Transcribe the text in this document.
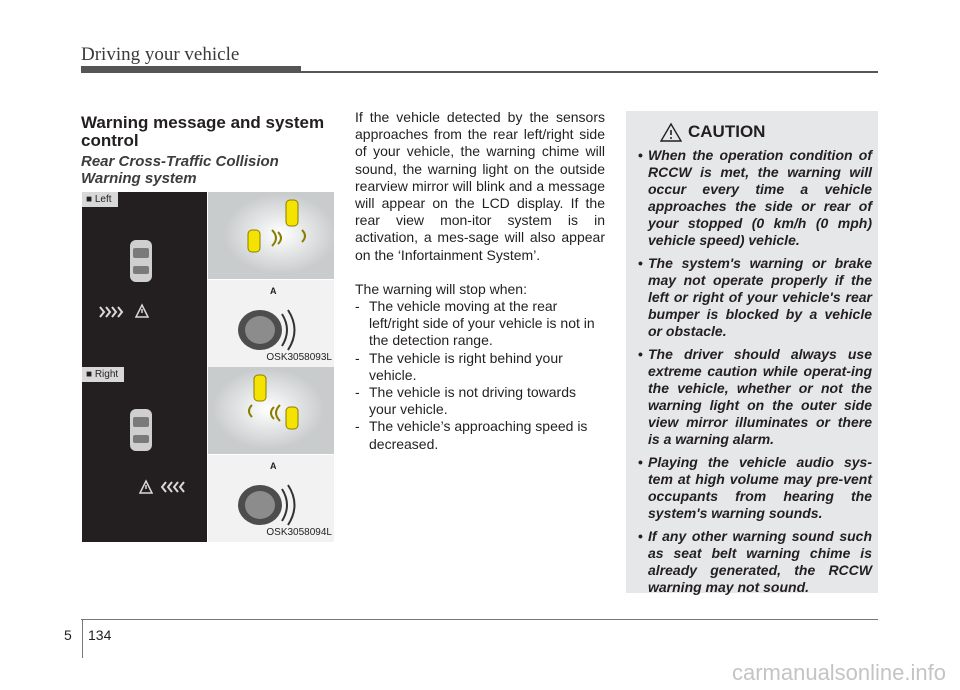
Driving your vehicle
Warning message and system control
Rear Cross-Traffic Collision Warning system
■ Left
A
OSK3058093L
■ Right
A
OSK3058094L

If the vehicle detected by the sensors approaches from the rear left/right side of your vehicle, the warning chime will sound, the warning light on the outside rearview mirror will blink and a message will appear on the LCD display. If the rear view mon-itor system is in activation, a mes-sage will also appear on the ‘Infortainment System’.

The warning will stop when:

- The vehicle moving at the rear left/right side of your vehicle is not in the detection range.
- The vehicle is right behind your vehicle.
- The vehicle is not driving towards your vehicle.
- The vehicle’s approaching speed is decreased.
CAUTION
• When the operation condition of RCCW is met, the warning will occur every time a vehicle approaches the side or rear of your stopped (0 km/h (0 mph) vehicle speed) vehicle.
• The system's warning or brake may not operate properly if the left or right of your vehicle's rear bumper is blocked by a vehicle or obstacle.
• The driver should always use extreme caution while operat-ing the vehicle, whether or not the warning light on the outer side view mirror illuminates or there is a warning alarm.
• Playing the vehicle audio sys-tem at high volume may pre-vent occupants from hearing the system's warning sounds.
• If any other warning sound such as seat belt warning chime is already generated, the RCCW warning may not sound.
5 134
carmanualsonline.info
